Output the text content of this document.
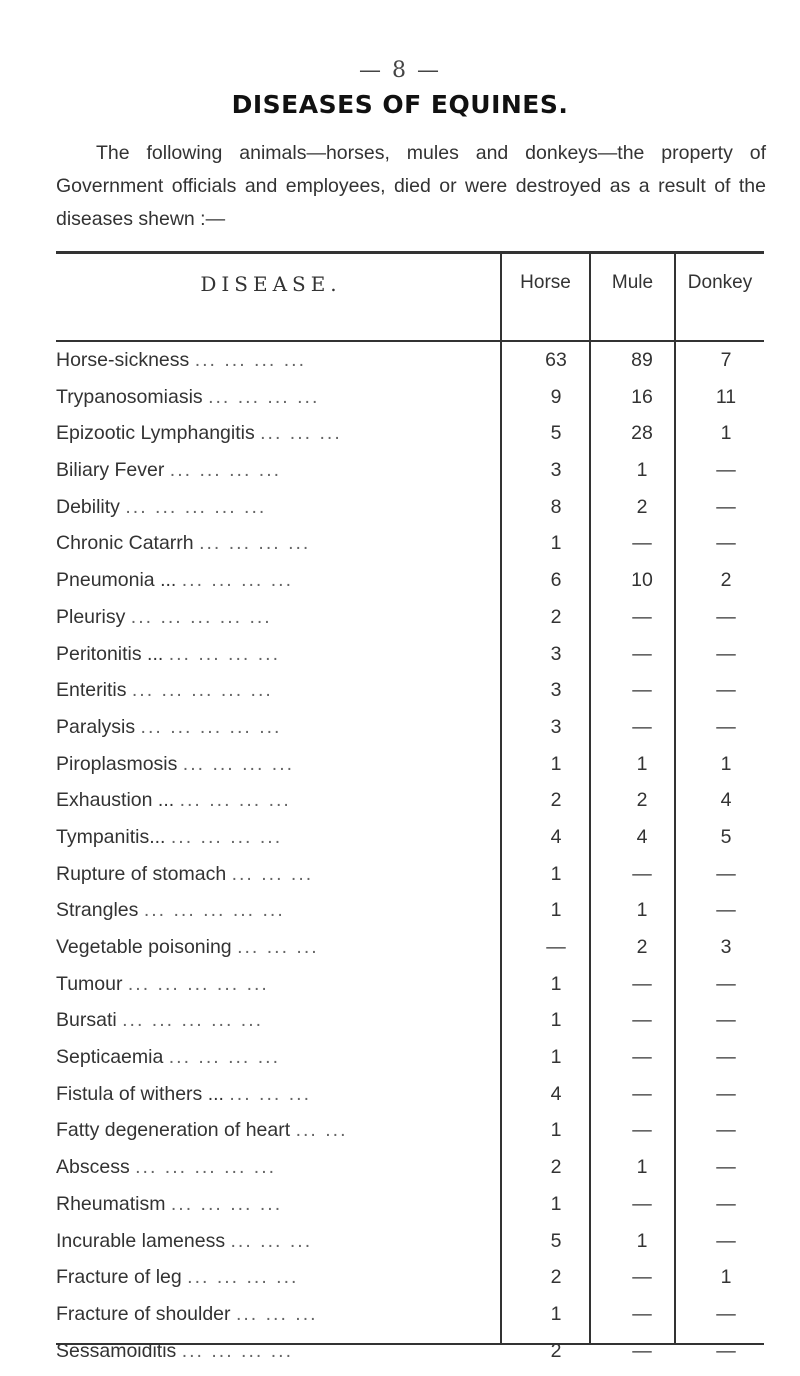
— 8 —
DISEASES OF EQUINES.
The following animals—horses, mules and donkeys—the property of Government officials and employees, died or were destroyed as a result of the diseases shewn :—
DISEASE.	Horse	Mule	Donkey
Horse-sickness ... ... ... ...	63	89	7
Trypanosomiasis ... ... ... ...	9	16	11
Epizootic Lymphangitis ... ... ...	5	28	1
Biliary Fever ... ... ... ...	3	1	—
Debility ... ... ... ... ...	8	2	—
Chronic Catarrh ... ... ... ...	1	—	—
Pneumonia ... ... ... ... ...	6	10	2
Pleurisy ... ... ... ... ...	2	—	—
Peritonitis ... ... ... ... ...	3	—	—
Enteritis ... ... ... ... ...	3	—	—
Paralysis ... ... ... ... ...	3	—	—
Piroplasmosis ... ... ... ...	1	1	1
Exhaustion ... ... ... ... ...	2	2	4
Tympanitis... ... ... ... ...	4	4	5
Rupture of stomach ... ... ...	1	—	—
Strangles ... ... ... ... ...	1	1	—
Vegetable poisoning ... ... ...	—	2	3
Tumour ... ... ... ... ...	1	—	—
Bursati ... ... ... ... ...	1	—	—
Septicaemia ... ... ... ...	1	—	—
Fistula of withers ... ... ... ...	4	—	—
Fatty degeneration of heart ... ...	1	—	—
Abscess ... ... ... ... ...	2	1	—
Rheumatism ... ... ... ...	1	—	—
Incurable lameness ... ... ...	5	1	—
Fracture of leg ... ... ... ...	2	—	1
Fracture of shoulder ... ... ...	1	—	—
Sessamoiditis ... ... ... ...	2	—	—
